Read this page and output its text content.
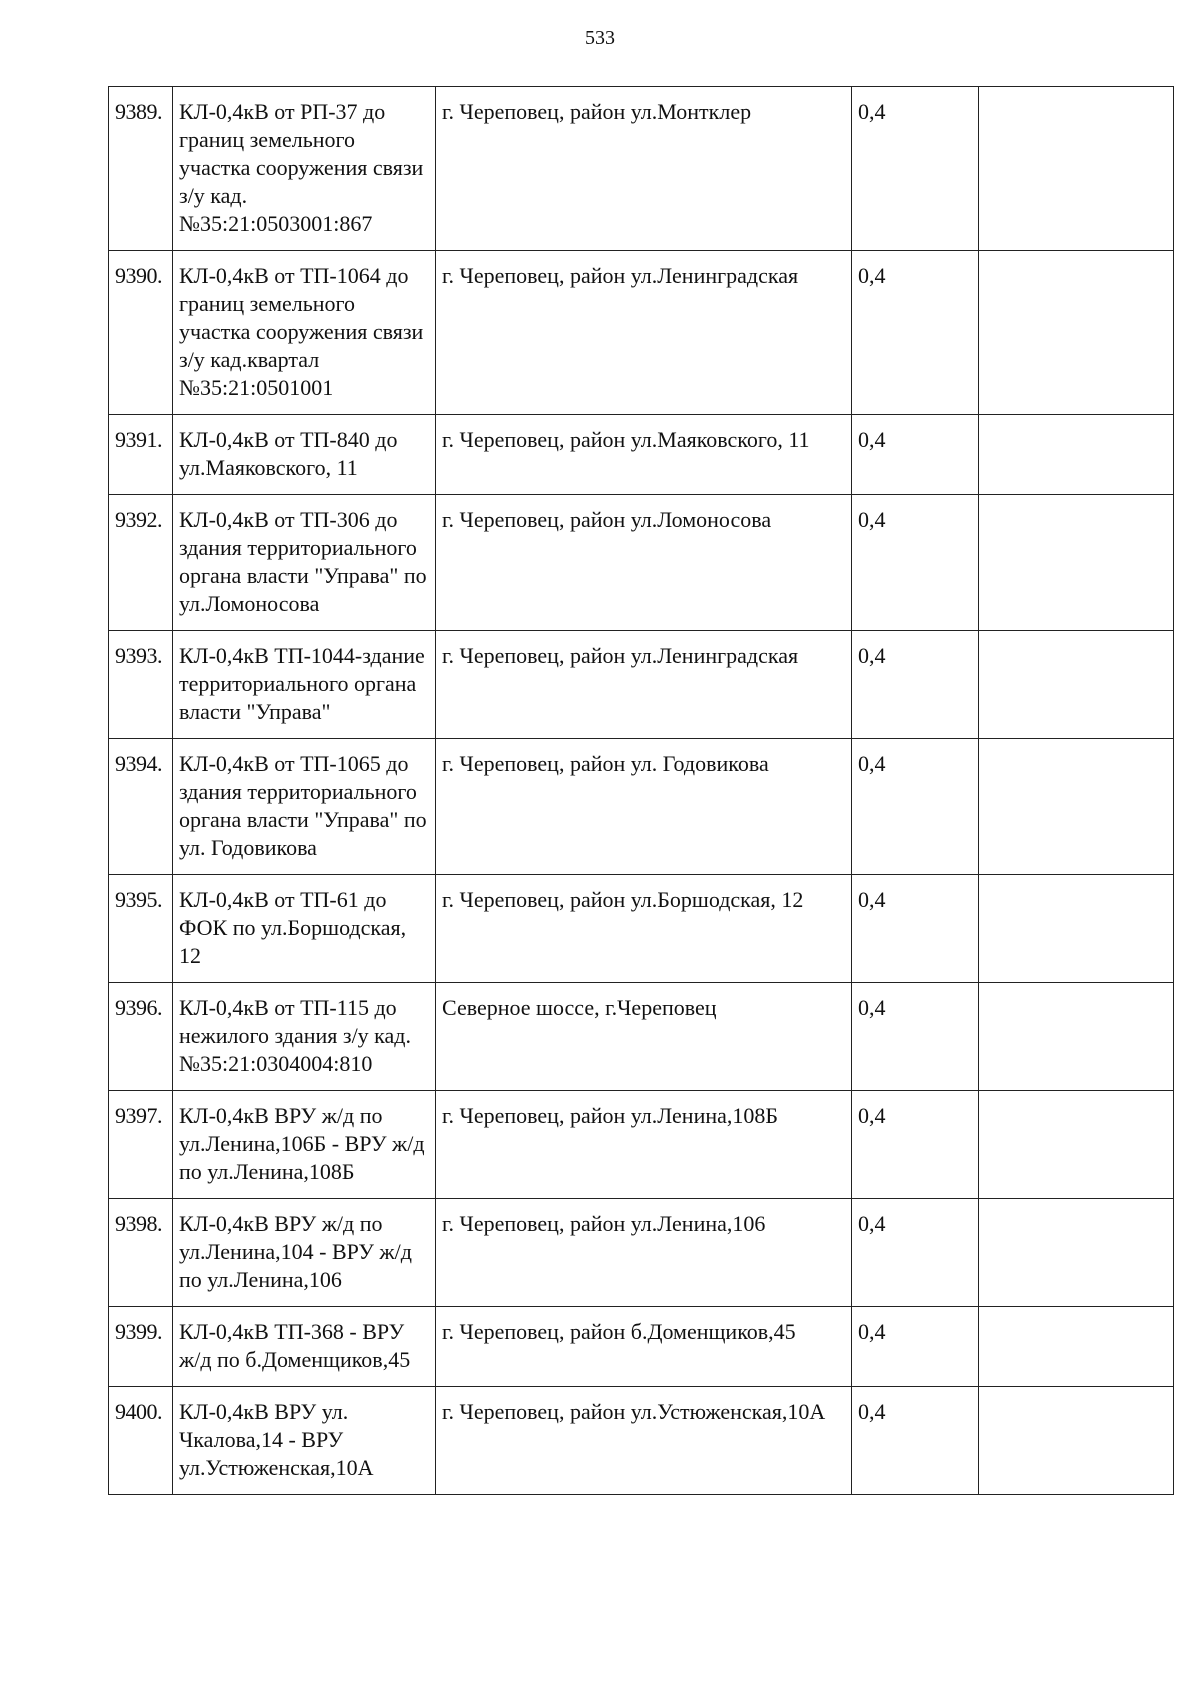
533
9389.	КЛ-0,4кВ от РП-37 до границ земельного участка сооружения связи з/у кад.№35:21:0503001:867	г. Череповец, район ул.Монтклер	0,4	
9390.	КЛ-0,4кВ от ТП-1064 до границ земельного участка сооружения связи з/у кад.квартал №35:21:0501001	г. Череповец, район ул.Ленинградская	0,4	
9391.	КЛ-0,4кВ от ТП-840 до ул.Маяковского, 11	г. Череповец, район ул.Маяковского, 11	0,4	
9392.	КЛ-0,4кВ от ТП-306 до здания территориального органа власти "Управа" по ул.Ломоносова	г. Череповец, район ул.Ломоносова	0,4	
9393.	КЛ-0,4кВ ТП-1044-здание территориального органа власти "Управа"	г. Череповец, район ул.Ленинградская	0,4	
9394.	КЛ-0,4кВ от ТП-1065 до здания территориального органа власти "Управа" по ул. Годовикова	г. Череповец, район ул. Годовикова	0,4	
9395.	КЛ-0,4кВ от ТП-61 до ФОК по ул.Боршодская, 12	г. Череповец, район ул.Боршодская, 12	0,4	
9396.	КЛ-0,4кВ от ТП-115 до нежилого здания з/у кад.№35:21:0304004:810	Северное шоссе, г.Череповец	0,4	
9397.	КЛ-0,4кВ ВРУ ж/д по ул.Ленина,106Б - ВРУ ж/д по ул.Ленина,108Б	г. Череповец, район ул.Ленина,108Б	0,4	
9398.	КЛ-0,4кВ ВРУ ж/д по ул.Ленина,104 - ВРУ ж/д по ул.Ленина,106	г. Череповец, район ул.Ленина,106	0,4	
9399.	КЛ-0,4кВ ТП-368 - ВРУ ж/д по б.Доменщиков,45	г. Череповец, район б.Доменщиков,45	0,4	
9400.	КЛ-0,4кВ ВРУ ул. Чкалова,14 - ВРУ ул.Устюженская,10А	г. Череповец, район ул.Устюженская,10А	0,4	
